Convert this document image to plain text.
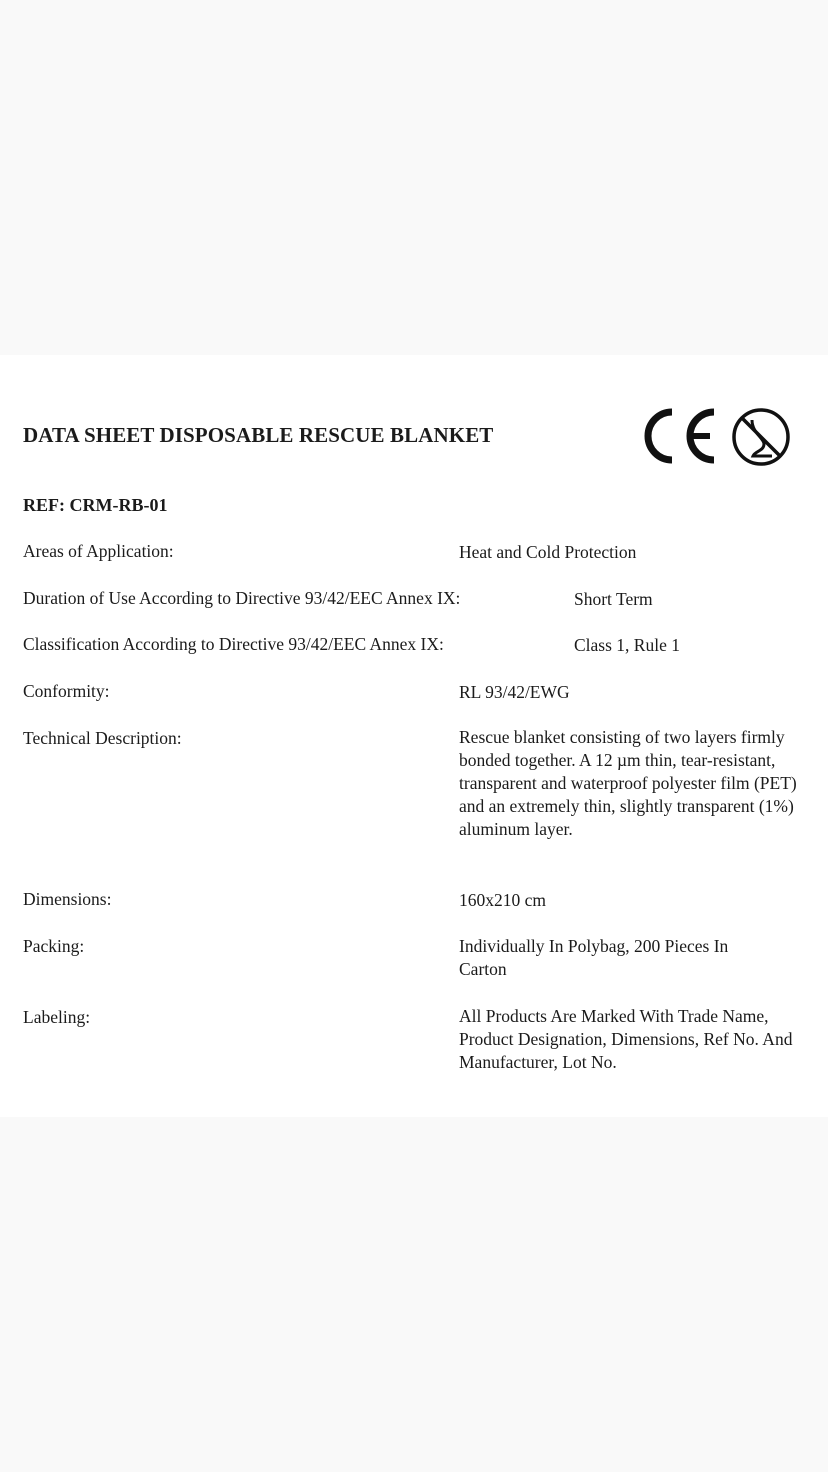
DATA SHEET DISPOSABLE RESCUE BLANKET
REF: CRM-RB-01
Areas of Application:	Heat and Cold Protection
Duration of Use According to Directive 93/42/EEC Annex IX:	Short Term
Classification According to Directive 93/42/EEC Annex IX:	Class 1, Rule 1
Conformity:	RL 93/42/EWG
Technical Description:	Rescue blanket consisting of two layers firmly bonded together. A 12 µm thin, tear-resistant, transparent and waterproof polyester film (PET) and an extremely thin, slightly transparent (1%) aluminum layer.
Dimensions:	160x210 cm
Packing:	Individually In Polybag, 200 Pieces In Carton
Labeling:	All Products Are Marked With Trade Name, Product Designation, Dimensions, Ref No. And Manufacturer, Lot No.
